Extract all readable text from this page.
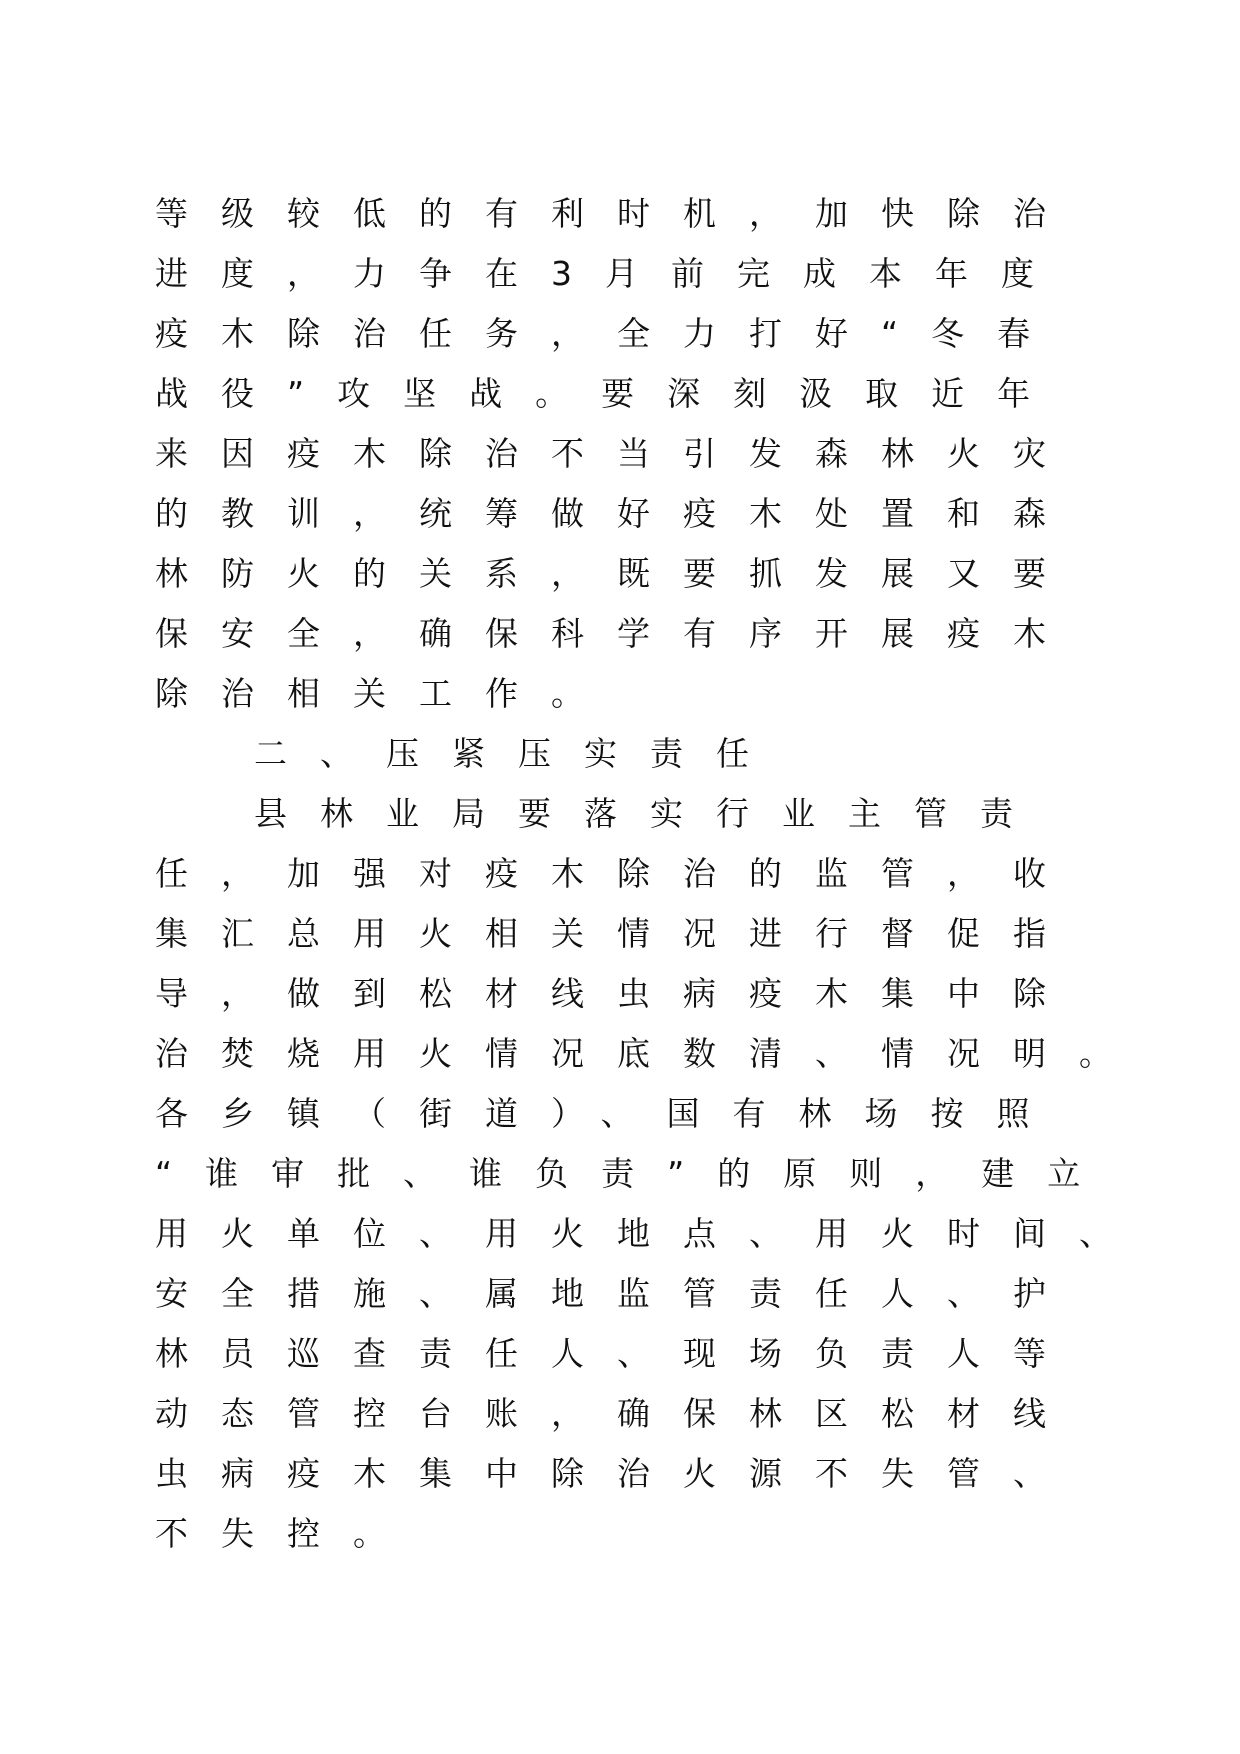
等级较低的有利时机，加快除治
进度，力争在3月前完成本年度
疫木除治任务，全力打好“冬春
战役”攻坚战。要深刻汲取近年
来因疫木除治不当引发森林火灾
的教训，统筹做好疫木处置和森
林防火的关系，既要抓发展又要
保安全，确保科学有序开展疫木
除治相关工作。
二、压紧压实责任
县林业局要落实行业主管责
任，加强对疫木除治的监管，收
集汇总用火相关情况进行督促指
导，做到松材线虫病疫木集中除
治焚烧用火情况底数清、情况明。
各乡镇（街道）、国有林场按照
“谁审批、谁负责”的原则，建立
用火单位、用火地点、用火时间、
安全措施、属地监管责任人、护
林员巡查责任人、现场负责人等
动态管控台账，确保林区松材线
虫病疫木集中除治火源不失管、
不失控。
